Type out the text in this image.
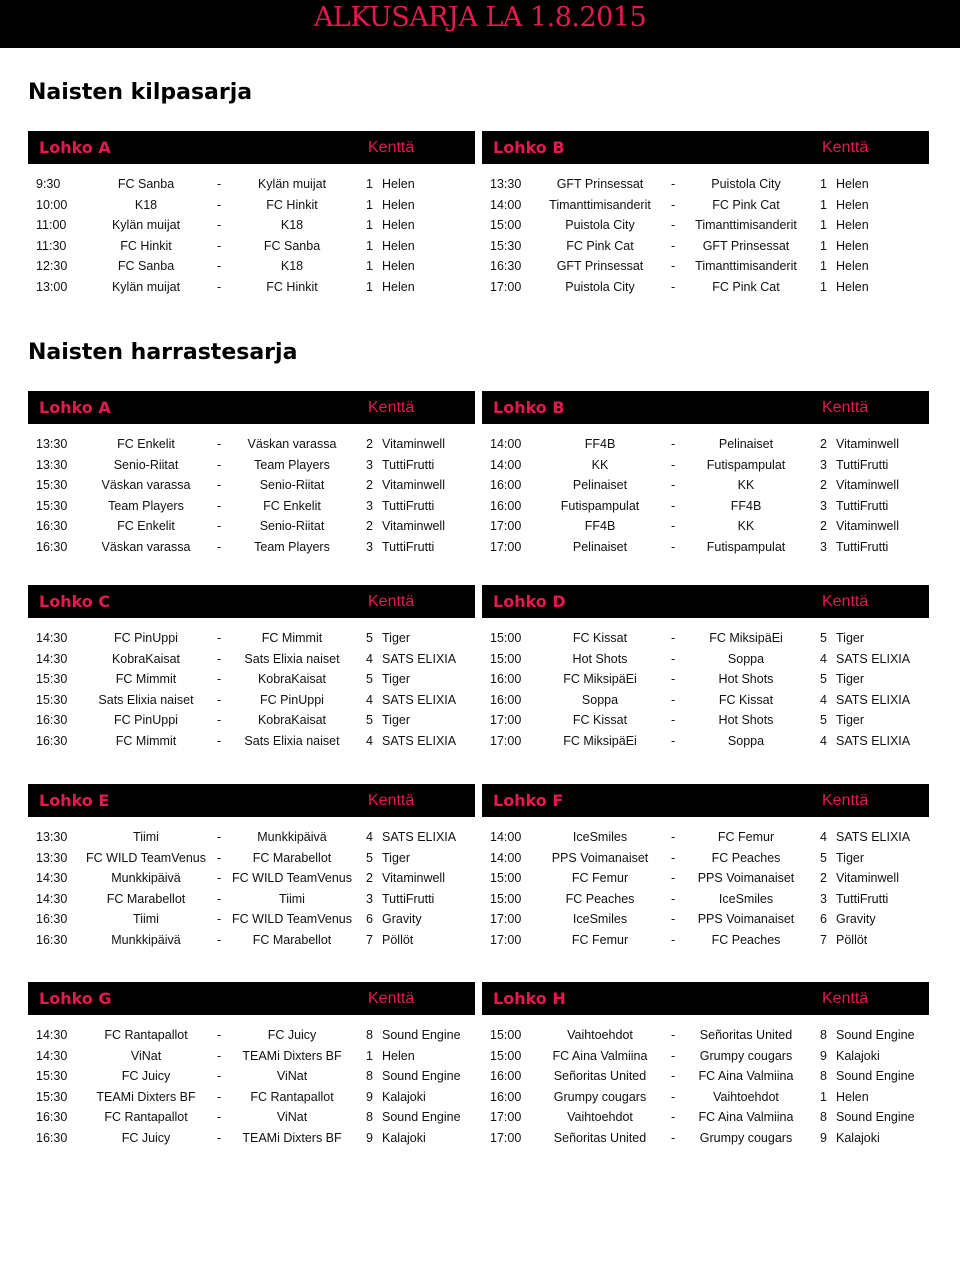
ALKUSARJA LA 1.8.2015
Naisten kilpasarja
Naisten harrastesarja
Lohko A	Kenttä
9:30	FC Sanba	-	Kylän muijat	1 Helen
10:00	K18	-	FC Hinkit	1 Helen
11:00	Kylän muijat	-	K18	1 Helen
11:30	FC Hinkit	-	FC Sanba	1 Helen
12:30	FC Sanba	-	K18	1 Helen
13:00	Kylän muijat	-	FC Hinkit	1 Helen
Lohko B	Kenttä
13:30	GFT Prinsessat	-	Puistola City	1 Helen
14:00	Timanttimisanderit	-	FC Pink Cat	1 Helen
15:00	Puistola City	-	Timanttimisanderit	1 Helen
15:30	FC Pink Cat	-	GFT Prinsessat	1 Helen
16:30	GFT Prinsessat	-	Timanttimisanderit	1 Helen
17:00	Puistola City	-	FC Pink Cat	1 Helen
Lohko A	Kenttä
13:30	FC Enkelit	-	Väskan varassa	2 Vitaminwell
13:30	Senio-Riitat	-	Team Players	3 TuttiFrutti
15:30	Väskan varassa	-	Senio-Riitat	2 Vitaminwell
15:30	Team Players	-	FC Enkelit	3 TuttiFrutti
16:30	FC Enkelit	-	Senio-Riitat	2 Vitaminwell
16:30	Väskan varassa	-	Team Players	3 TuttiFrutti
Lohko B	Kenttä
14:00	FF4B	-	Pelinaiset	2 Vitaminwell
14:00	KK	-	Futispampulat	3 TuttiFrutti
16:00	Pelinaiset	-	KK	2 Vitaminwell
16:00	Futispampulat	-	FF4B	3 TuttiFrutti
17:00	FF4B	-	KK	2 Vitaminwell
17:00	Pelinaiset	-	Futispampulat	3 TuttiFrutti
Lohko C	Kenttä
14:30	FC PinUppi	-	FC Mimmit	5 Tiger
14:30	KobraKaisat	-	Sats Elixia naiset	4 SATS ELIXIA
15:30	FC Mimmit	-	KobraKaisat	5 Tiger
15:30	Sats Elixia naiset	-	FC PinUppi	4 SATS ELIXIA
16:30	FC PinUppi	-	KobraKaisat	5 Tiger
16:30	FC Mimmit	-	Sats Elixia naiset	4 SATS ELIXIA
Lohko D	Kenttä
15:00	FC Kissat	-	FC MiksipäEi	5 Tiger
15:00	Hot Shots	-	Soppa	4 SATS ELIXIA
16:00	FC MiksipäEi	-	Hot Shots	5 Tiger
16:00	Soppa	-	FC Kissat	4 SATS ELIXIA
17:00	FC Kissat	-	Hot Shots	5 Tiger
17:00	FC MiksipäEi	-	Soppa	4 SATS ELIXIA
Lohko E	Kenttä
13:30	Tiimi	-	Munkkipäivä	4 SATS ELIXIA
13:30	FC WILD TeamVenus -	FC Marabellot	5 Tiger
14:30	Munkkipäivä	- FC WILD TeamVenus	2 Vitaminwell
14:30	FC Marabellot	-	Tiimi	3 TuttiFrutti
16:30	Tiimi	- FC WILD TeamVenus	6 Gravity
16:30	Munkkipäivä	-	FC Marabellot	7 Pöllöt
Lohko F	Kenttä
14:00	IceSmiles	-	FC Femur	4 SATS ELIXIA
14:00	PPS Voimanaiset	-	FC Peaches	5 Tiger
15:00	FC Femur	-	PPS Voimanaiset	2 Vitaminwell
15:00	FC Peaches	-	IceSmiles	3 TuttiFrutti
17:00	IceSmiles	-	PPS Voimanaiset	6 Gravity
17:00	FC Femur	-	FC Peaches	7 Pöllöt
Lohko G	Kenttä
14:30	FC Rantapallot	-	FC Juicy	8 Sound Engine
14:30	ViNat	-	TEAMi Dixters BF	1 Helen
15:30	FC Juicy	-	ViNat	8 Sound Engine
15:30	TEAMi Dixters BF	-	FC Rantapallot	9 Kalajoki
16:30	FC Rantapallot	-	ViNat	8 Sound Engine
16:30	FC Juicy	-	TEAMi Dixters BF	9 Kalajoki
Lohko H	Kenttä
15:00	Vaihtoehdot	-	Señoritas United	8 Sound Engine
15:00	FC Aina Valmiina	-	Grumpy cougars	9 Kalajoki
16:00	Señoritas United	-	FC Aina Valmiina	8 Sound Engine
16:00	Grumpy cougars	-	Vaihtoehdot	1 Helen
17:00	Vaihtoehdot	-	FC Aina Valmiina	8 Sound Engine
17:00	Señoritas United	-	Grumpy cougars	9 Kalajoki
